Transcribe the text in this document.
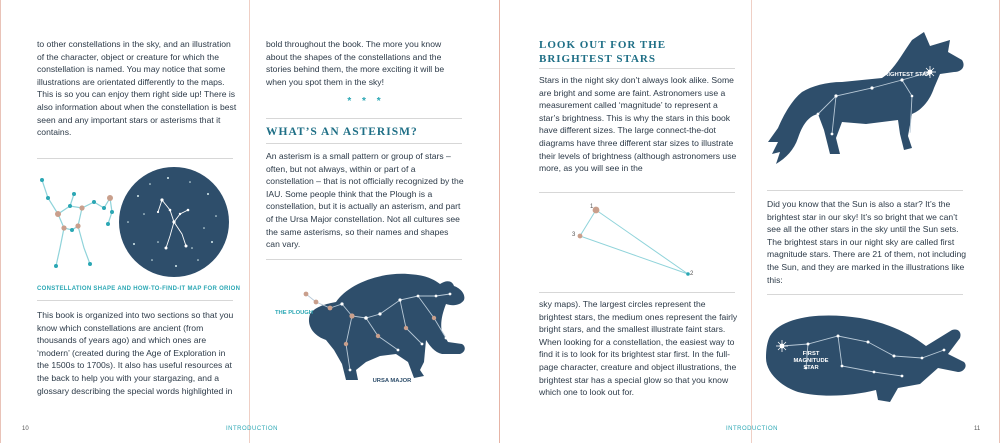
to other constellations in the sky, and an illustration of the character, object or creature for which the constellation is named. You may notice that some illustrations are orientated differently to the maps. This is so you can enjoy them right side up! There is also information about when the constellation is best seen and any important stars or asterisms that it contains.
CONSTELLATION SHAPE AND HOW-TO-FIND-IT MAP FOR ORION
This book is organized into two sections so that you know which constellations are ancient (from thousands of years ago) and which ones are ‘modern’ (created during the Age of Exploration in the 1500s to 1700s). It also has useful resources at the back to help you with your stargazing, and a glossary describing the special words highlighted in
bold throughout the book. The more you know about the shapes of the constellations and the stories behind them, the more exciting it will be when you spot them in the sky!
* * *
WHAT’S AN ASTERISM?
An asterism is a small pattern or group of stars – often, but not always, within or part of a constellation – that is not officially recognized by the IAU. Some people think that the Plough is a constellation, but it is actually an asterism, and part of the Ursa Major constellation. Not all cultures see the same asterisms, so their names and shapes can vary.
THE PLOUGH
URSA MAJOR
10	INTRODUCTION
LOOK OUT FOR THE
BRIGHTEST STARS
Stars in the night sky don’t always look alike. Some are bright and some are faint. Astronomers use a measurement called ‘magnitude’ to represent a star’s brightness. This is why the stars in this book have different sizes. The large connect-the-dot diagrams have three different star sizes to illustrate their levels of brightness (although astronomers use more, as you will see in the
1
2
3
sky maps). The largest circles represent the brightest stars, the medium ones represent the fairly bright stars, and the smallest illustrate faint stars. When looking for a constellation, the easiest way to find it is to look for its brightest star first. In the full-page character, creature and object illustrations, the brightest star has a special glow so that you know which one to look out for.
BRIGHTEST STAR
Did you know that the Sun is also a star? It’s the brightest star in our sky! It’s so bright that we can’t see all the other stars in the sky until the Sun sets. The brightest stars in our night sky are called first magnitude stars. There are 21 of them, not including the Sun, and they are marked in the illustrations like this:
FIRST
MAGNITUDE
STAR
INTRODUCTION	11
